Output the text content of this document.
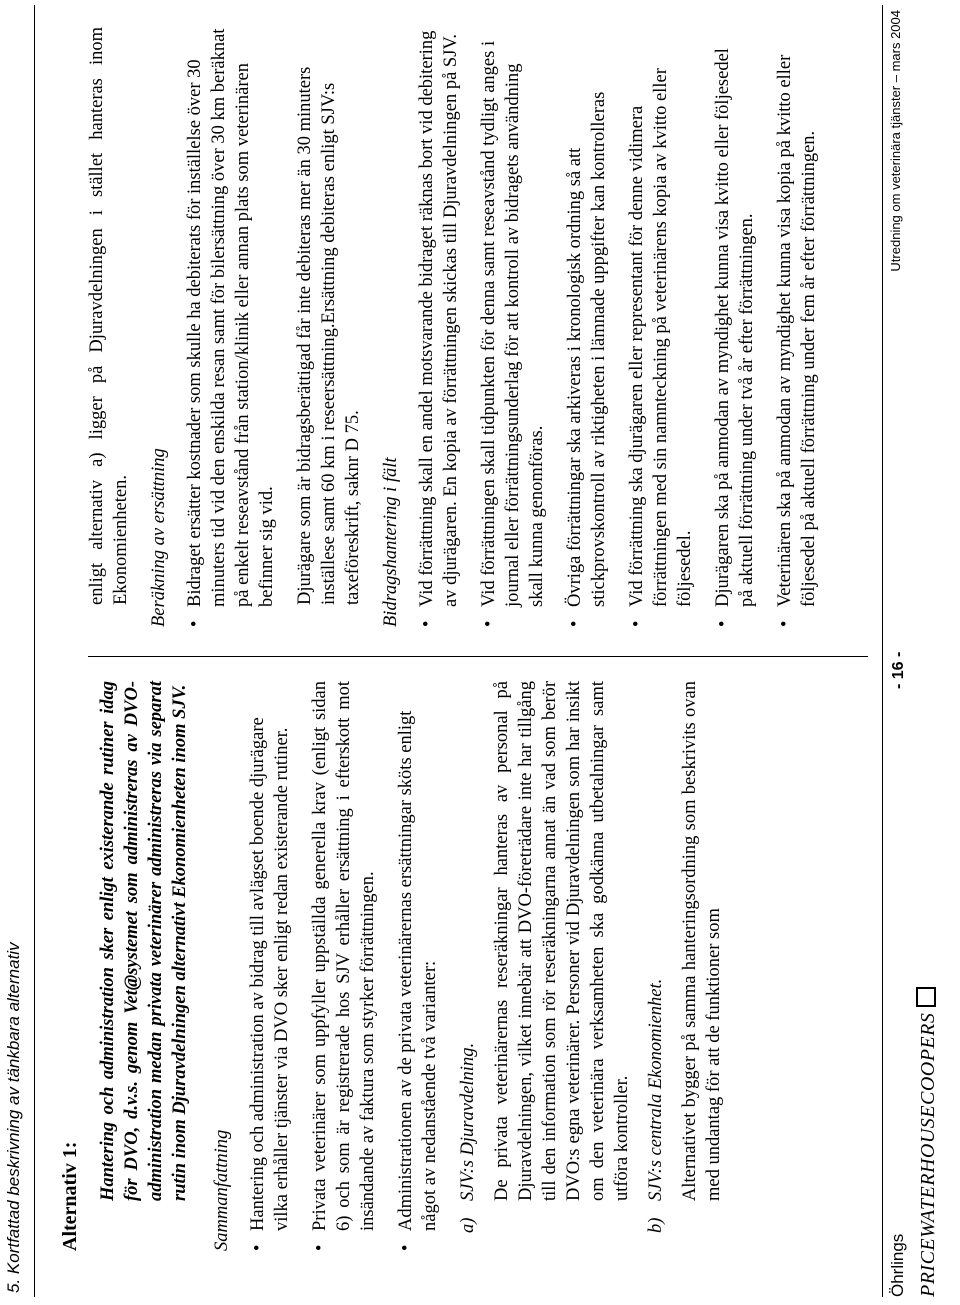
5. Kortfattad beskrivning av tänkbara alternativ Alternativ 1: Hantering och administration sker enligt existerande rutiner idag för DVO, d.v.s. genom Vet@systemet som administreras av DVO-administration medan privata veterinärer administreras via separat rutin inom Djuravdelningen alternativt Ekonomienheten inom SJV. Sammanfattning •
Hantering och administration av bidrag till avlägset boende djurägare vilka erhåller tjänster via DVO sker enligt redan existerande rutiner.
•
Privata veterinärer som uppfyller uppställda generella krav (enligt sidan 6) och som är registrerade hos SJV erhåller ersättning i efterskott mot insändande av faktura som styrker förrättningen.
•
Administrationen av de privata veterinärernas ersättningar sköts enligt något av nedanstående två varianter: a)
SJV:s Djuravdelning. De privata veterinärernas reseräkningar hanteras av personal på Djuravdelningen, vilket innebär att DVO-företrädare inte har tillgång till den information som rör reseräkningarna annat än vad som berör DVO:s egna veterinärer. Personer vid Djuravdelningen som har insikt om den veterinära verksamheten ska godkänna utbetalningar samt utföra kontroller.
b)
SJV:s centrala Ekonomienhet. Alternativet bygger på samma hanteringsordning som beskrivits ovan med undantag för att de funktioner som
enligt alternativ a) ligger på Djuravdelningen i stället hanteras inom Ekonomienheten. Beräkning av ersättning •
Bidraget ersätter kostnader som skulle ha debiterats för inställelse över 30 minuters tid vid den enskilda resan samt för bilersättning över 30 km beräknat på enkelt reseavstånd från station/klinik eller annan plats som veterinären befinner sig vid. Djurägare som är bidragsberättigad får inte debiteras mer än 30 minuters inställese samt 60 km i reseersättning.Ersättning debiteras enligt SJV:s taxeföreskrift, saknr D 75. Bidragshantering i fält •
Vid förrättning skall en andel motsvarande bidraget räknas bort vid debitering av djurägaren. En kopia av förrättningen skickas till Djuravdelningen på SJV.
•
Vid förrättningen skall tidpunkten för denna samt reseavstånd tydligt anges i journal eller förrättningsunderlag för att kontroll av bidragets användning skall kunna genomföras.
•
Övriga förrättningar ska arkiveras i kronologisk ordning så att stickprovskontroll av riktigheten i lämnade uppgifter kan kontrolleras
•
Vid förrättning ska djurägaren eller representant för denne vidimera förrättningen med sin namnteckning på veterinärens kopia av kvitto eller följesedel.
•
Djurägaren ska på anmodan av myndighet kunna visa kvitto eller följesedel på aktuell förrättning under två år efter förrättningen.
•
Veterinären ska på anmodan av myndighet kunna visa kopia på kvitto eller följesedel på aktuell förrättning under fem år efter förrättningen.
Öhrlings PRICEWATERHOUSECOOPERS
- 16 -
Utredning om veterinära tjänster – mars 2004
